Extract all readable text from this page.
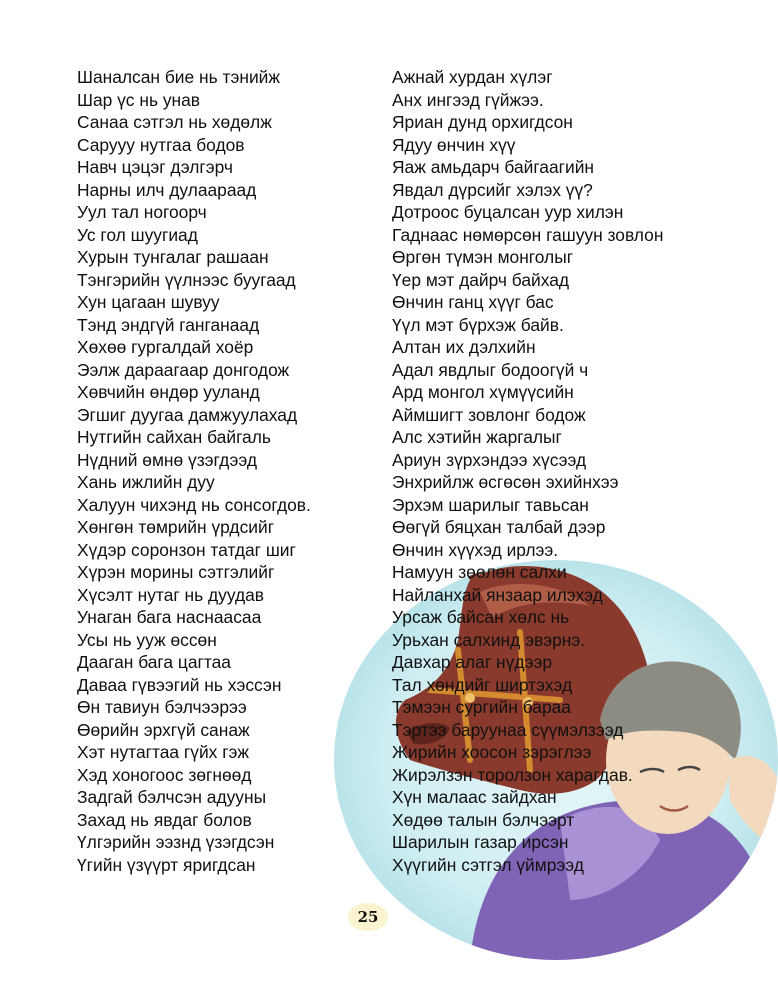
Шаналсан бие нь тэнийж
Шар үс нь унав
Санаа сэтгэл нь хөдөлж
Сарууу нутгаа бодов
Навч цэцэг дэлгэрч
Нарны илч дулаараад
Уул тал ногоорч
Ус гол шуугиад
Хурын тунгалаг рашаан
Тэнгэрийн үүлнээс буугаад
Хун цагаан шувуу
Тэнд эндгүй ганганаад
Хөхөө гургалдай хоёр
Ээлж дараагаар донгодож
Хөвчийн өндөр ууланд
Эгшиг дуугаа дамжуулахад
Нутгийн сайхан байгаль
Нүдний өмнө үзэгдээд
Хань ижлийн дуу
Халуун чихэнд нь сонсогдов.
Хөнгөн төмрийн үрдсийг
Хүдэр соронзон татдаг шиг
Хүрэн морины сэтгэлийг
Хүсэлт нутаг нь дуудав
Унаган бага наснаасаа
Усы нь ууж өссөн
Дааган бага цагтаа
Даваа гүвээгий нь хэссэн
Өн тавиун бэлчээрээ
Өөрийн эрхгүй санаж
Хэт нутагтаа гүйх гэж
Хэд хоногоос зөгнөөд
Задгай бэлчсэн адууны
Захад нь явдаг болов
Үлгэрийн ээзнд үзэгдсэн
Үгийн үзүүрт яригдсан
Ажнай хурдан хүлэг
Анх ингээд гүйжээ.
Яриан дунд орхигдсон
Ядуу өнчин хүү
Яаж амьдарч байгаагийн
Явдал дүрсийг хэлэх үү?
Дотроос буцалсан уур хилэн
Гаднаас нөмөрсөн гашуун зовлон
Өргөн түмэн монголыг
Үер мэт дайрч байхад
Өнчин ганц хүүг бас
Үүл мэт бүрхэж байв.
Алтан их дэлхийн
Адал явдлыг бодоогүй ч
Ард монгол хүмүүсийн
Аймшигт зовлонг бодож
Алс хэтийн жаргалыг
Ариун зүрхэндээ хүсээд
Энхрийлж өсгөсөн эхийнхээ
Эрхэм шарилыг тавьсан
Өөгүй бяцхан талбай дээр
Өнчин хүүхэд ирлээ.
Намуун зөөлөн салхи
Найланхай янзаар илэхэд
Урсаж байсан хөлс нь
Урьхан салхинд эвэрнэ.
Давхар алаг нүдээр
Тал хөндийг ширтэхэд
Тэмээн сургийн бараа
Тэртээ баруунаа сүүмэлзээд
Жирийн хоосон зэрэглээ
Жирэлзэн торолзон харагдав.
Хүн малаас зайдхан
Хөдөө талын бэлчээрт
Шарилын газар ирсэн
Хүүгийн сэтгэл үймрээд
25
